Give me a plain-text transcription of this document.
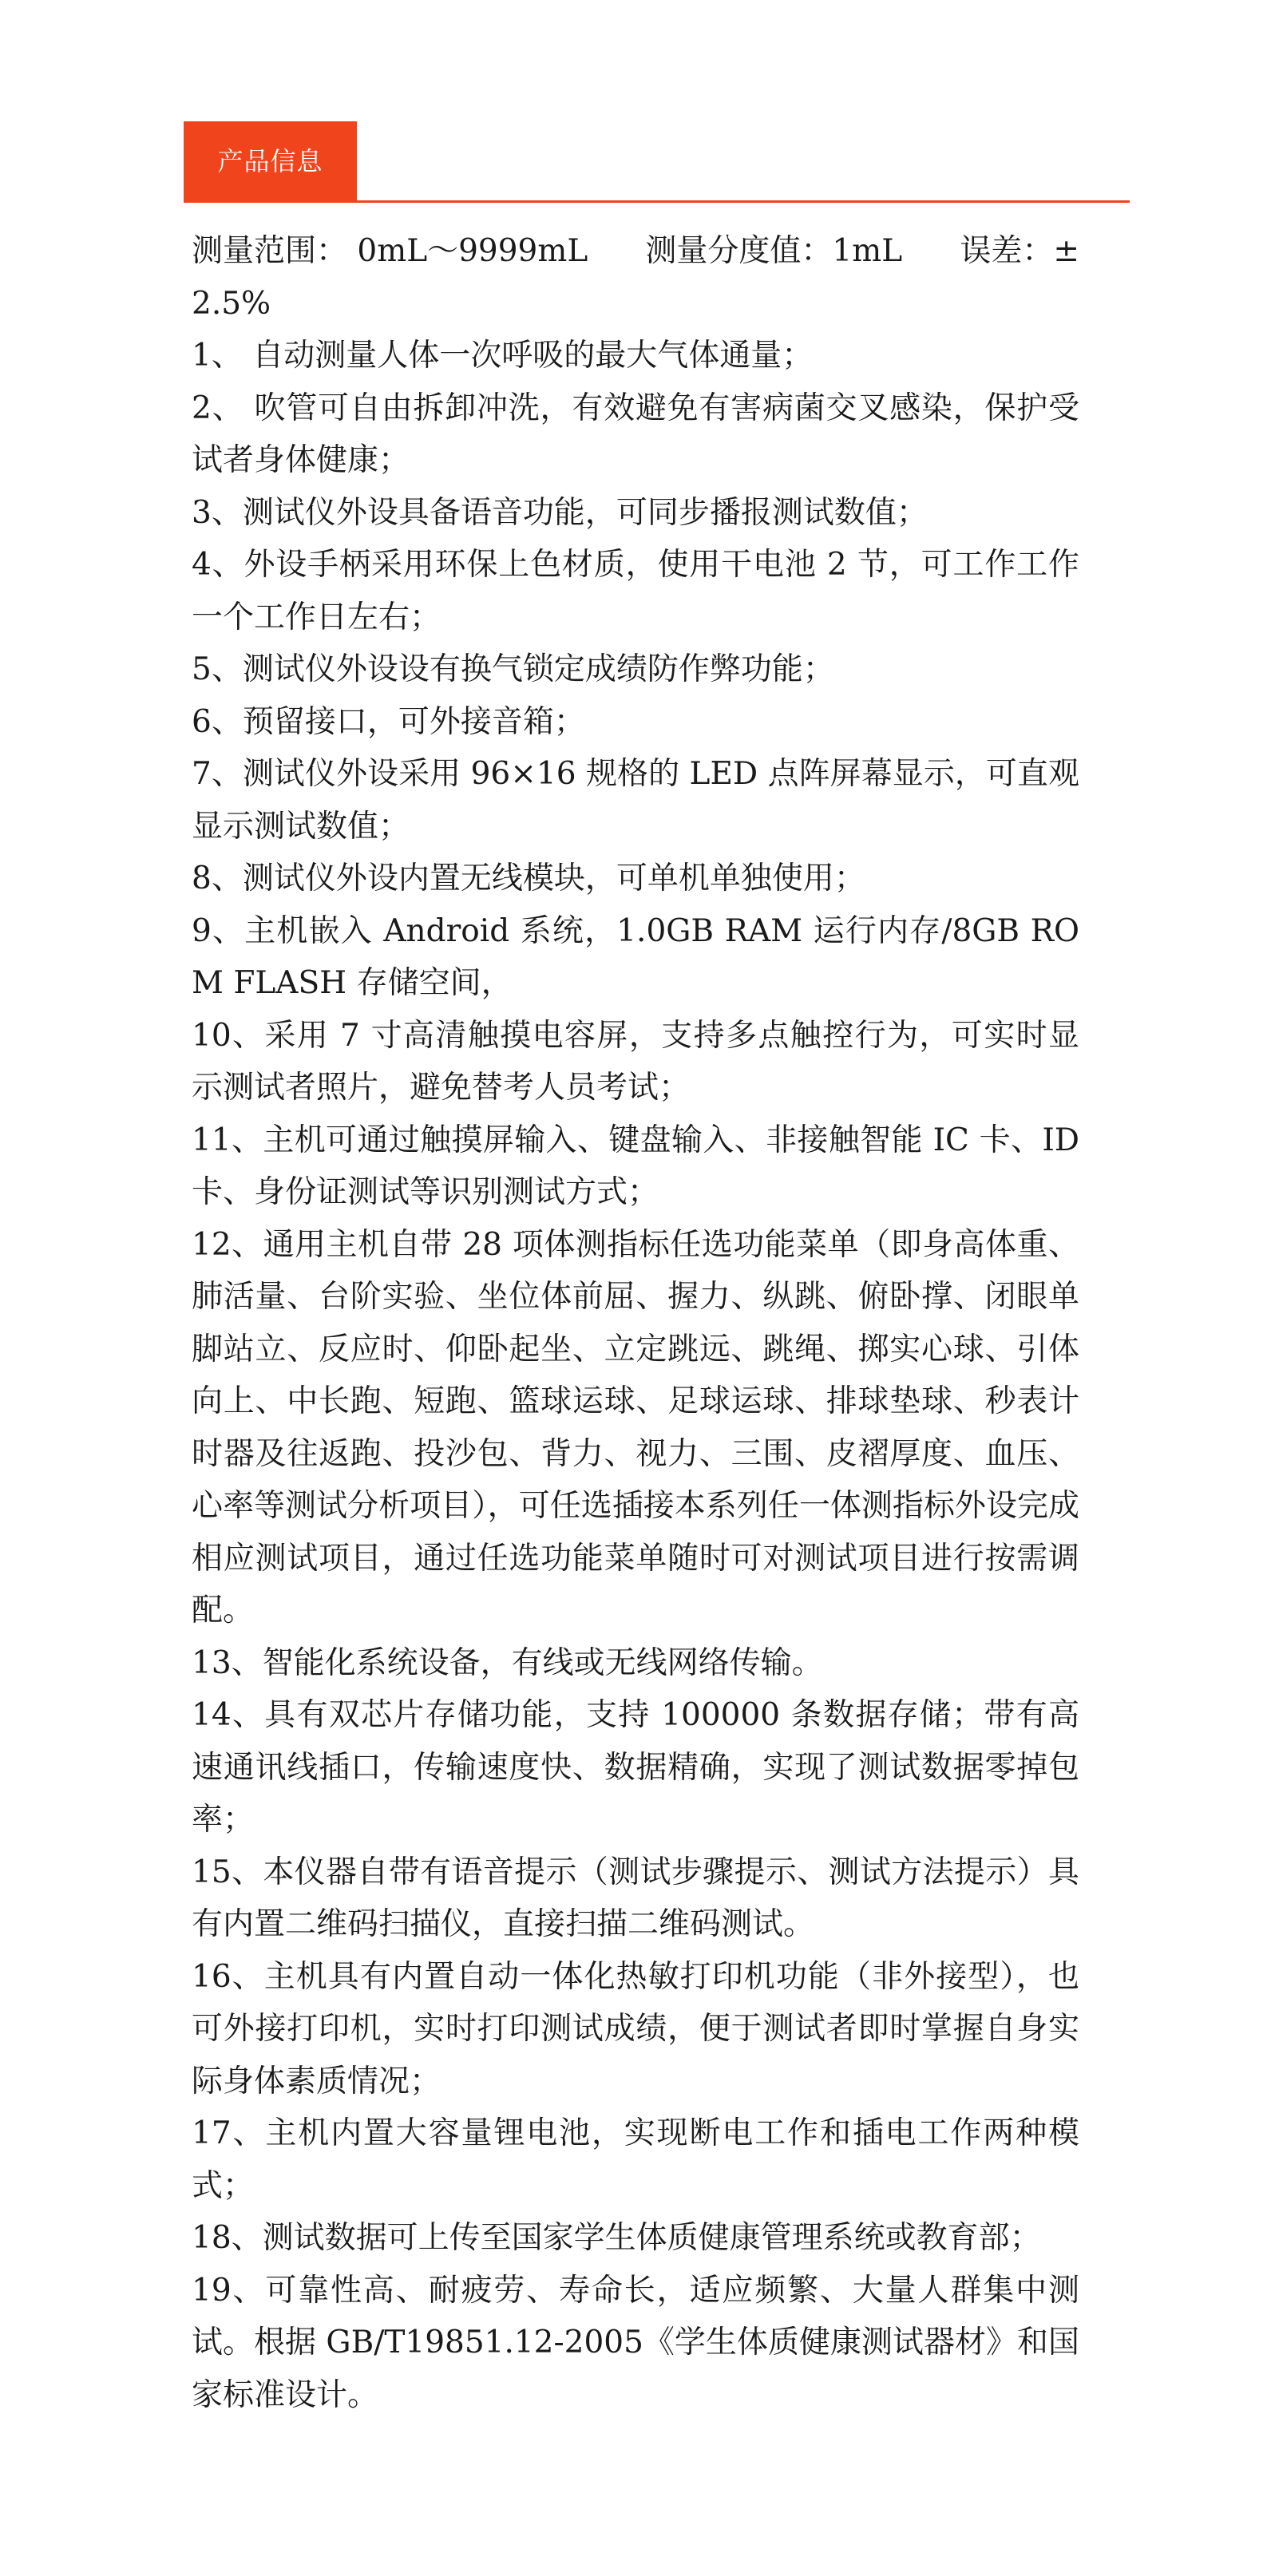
产品信息
测量范围： 0mL～9999mL 测量分度值：1mL 误差：±
2.5%

1、 自动测量人体一次呼吸的最大气体通量；

2、 吹管可自由拆卸冲洗，有效避免有害病菌交叉感染，保护受试者身体健康；

3、测试仪外设具备语音功能，可同步播报测试数值；

4、外设手柄采用环保上色材质，使用干电池 2 节，可工作工作一个工作日左右；

5、测试仪外设设有换气锁定成绩防作弊功能；

6、预留接口，可外接音箱；

7、测试仪外设采用 96×16 规格的 LED 点阵屏幕显示，可直观显示测试数值；

8、测试仪外设内置无线模块，可单机单独使用；

9、主机嵌入 Android 系统，1.0GB RAM 运行内存/8GB ROM FLASH 存储空间，

10、采用 7 寸高清触摸电容屏，支持多点触控行为，可实时显示测试者照片，避免替考人员考试；

11、主机可通过触摸屏输入、键盘输入、非接触智能 IC 卡、ID 卡、身份证测试等识别测试方式；

12、通用主机自带 28 项体测指标任选功能菜单（即身高体重、肺活量、台阶实验、坐位体前屈、握力、纵跳、俯卧撑、闭眼单脚站立、反应时、仰卧起坐、立定跳远、跳绳、掷实心球、引体向上、中长跑、短跑、篮球运球、足球运球、排球垫球、秒表计时器及往返跑、投沙包、背力、视力、三围、皮褶厚度、血压、心率等测试分析项目），可任选插接本系列任一体测指标外设完成相应测试项目，通过任选功能菜单随时可对测试项目进行按需调配。

13、智能化系统设备，有线或无线网络传输。

14、具有双芯片存储功能，支持 100000 条数据存储；带有高速通讯线插口，传输速度快、数据精确，实现了测试数据零掉包率；

15、本仪器自带有语音提示（测试步骤提示、测试方法提示）具有内置二维码扫描仪，直接扫描二维码测试。

16、主机具有内置自动一体化热敏打印机功能（非外接型），也可外接打印机，实时打印测试成绩，便于测试者即时掌握自身实际身体素质情况；

17、主机内置大容量锂电池，实现断电工作和插电工作两种模式；

18、测试数据可上传至国家学生体质健康管理系统或教育部；

19、可靠性高、耐疲劳、寿命长，适应频繁、大量人群集中测试。根据 GB/T19851.12-2005《学生体质健康测试器材》和国家标准设计。
